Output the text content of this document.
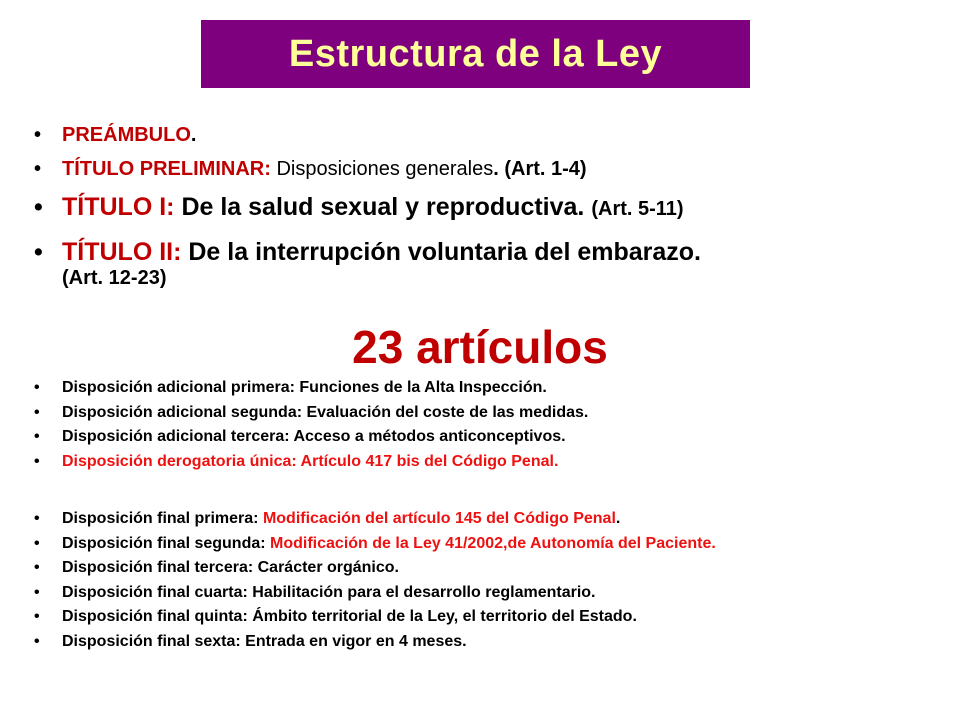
Estructura de la Ley
• PREÁMBULO.
• TÍTULO PRELIMINAR: Disposiciones generales. (Art. 1-4)
• TÍTULO I: De la salud sexual y reproductiva. (Art. 5-11)
• TÍTULO II: De la interrupción voluntaria del embarazo.
(Art. 12-23)
23 artículos
• Disposición adicional primera: Funciones de la Alta Inspección.
• Disposición adicional segunda: Evaluación del coste de las medidas.
• Disposición adicional tercera: Acceso a métodos anticonceptivos.
• Disposición derogatoria única: Artículo 417 bis del Código Penal.
• Disposición final primera: Modificación del artículo 145 del Código Penal.
• Disposición final segunda: Modificación de la Ley 41/2002,de Autonomía del Paciente.
• Disposición final tercera: Carácter orgánico.
• Disposición final cuarta: Habilitación para el desarrollo reglamentario.
• Disposición final quinta: Ámbito territorial de la Ley, el territorio del Estado.
• Disposición final sexta: Entrada en vigor en 4 meses.
